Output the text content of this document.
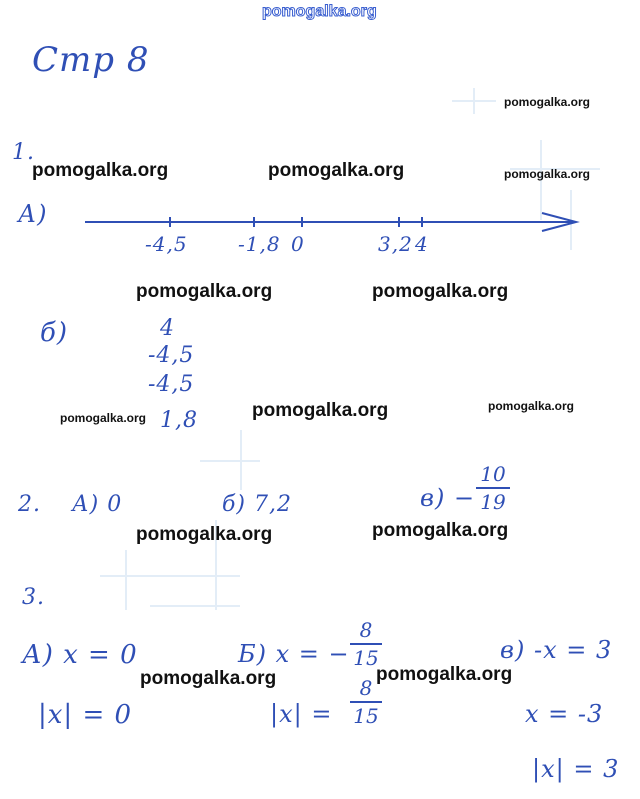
pomogalka.org
pomogalka.org
pomogalka.org	pomogalka.org	pomogalka.org
pomogalka.org	pomogalka.org
pomogalka.org	pomogalka.org	pomogalka.org
pomogalka.org	pomogalka.org
pomogalka.org	pomogalka.org
Стр 8
1.
А)
-4,5	-1,8 0	3,2 4
б)	4
-4,5
-4,5
1,8
2. А) 0	б) 7,2	в) −
10
19
3.
А) x = 0
|x| = 0
Б) x = −
8
15
|x| =
8
15
в) -x = 3
x = -3
|x| = 3
